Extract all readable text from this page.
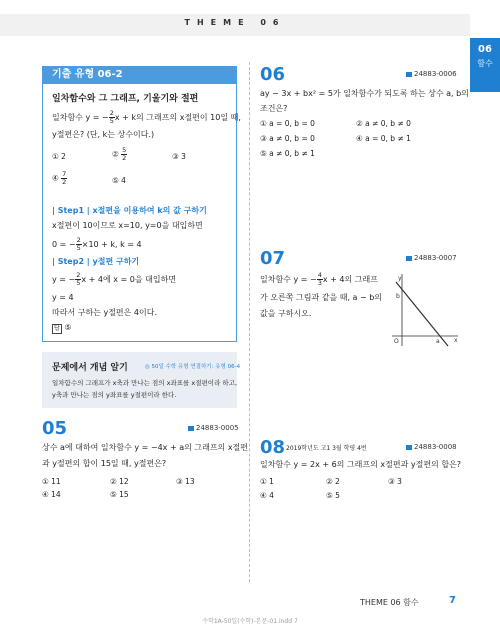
THEME 06
06
함수
기출 유형 06-2
일차함수와 그 그래프, 기울기와 절편
일차함수 y = − $\frac{2}{5}$ x + k의 그래프의 x절편이 10일 때,
y절편은? (단, k는 상수이다.)
① 2	② $\frac{5}{2}$	③ 3
④ $\frac{7}{2}$	⑤ 4
| Step1 | x절편을 이용하여 k의 값 구하기
x절편이 10이므로 x=10, y=0을 대입하면
0 = − $\frac{2}{5} \times 10 + k$, k = 4
| Step2 | y절편 구하기
y = − $\frac{2}{5}$ x + 4에 x = 0을 대입하면
y = 4
따라서 구하는 y절편은 4이다.
답 ⑤
문제에서 개념 알기	◎ 50일 수학 유형 연결하기: 유형 06-4
일차함수의 그래프가 x축과 만나는 점의 x좌표를 x절편이라 하고,
y축과 만나는 점의 y좌표를 y절편이라 한다.
05	24883-0005
상수 a에 대하여 일차함수 y = −4x + a의 그래프의 x절편
과 y절편의 합이 15일 때, y절편은?
① 11	② 12	③ 13
④ 14	⑤ 15
06	24883-0006
ay − 3x + bx² = 5가 일차함수가 되도록 하는 상수 a, b의
조건은?
① a = 0, b = 0	② a ≠ 0, b ≠ 0
③ a ≠ 0, b = 0	④ a = 0, b ≠ 1
⑤ a ≠ 0, b ≠ 1
07	24883-0007
일차함수 y = − $\frac{4}{3}$ x + 4의 그래프
가 오른쪽 그림과 같을 때, a − b의
값을 구하시오.
y
x
O
b
a
08 2019학년도 고1 3월 학평 4번	24883-0008
일차함수 y = 2x + 6의 그래프의 x절편과 y절편의 합은?
① 1	② 2	③ 3
④ 4	⑤ 5
THEME 06 함수	7
수학1A-50일(수학)-본문-01.indd 7
